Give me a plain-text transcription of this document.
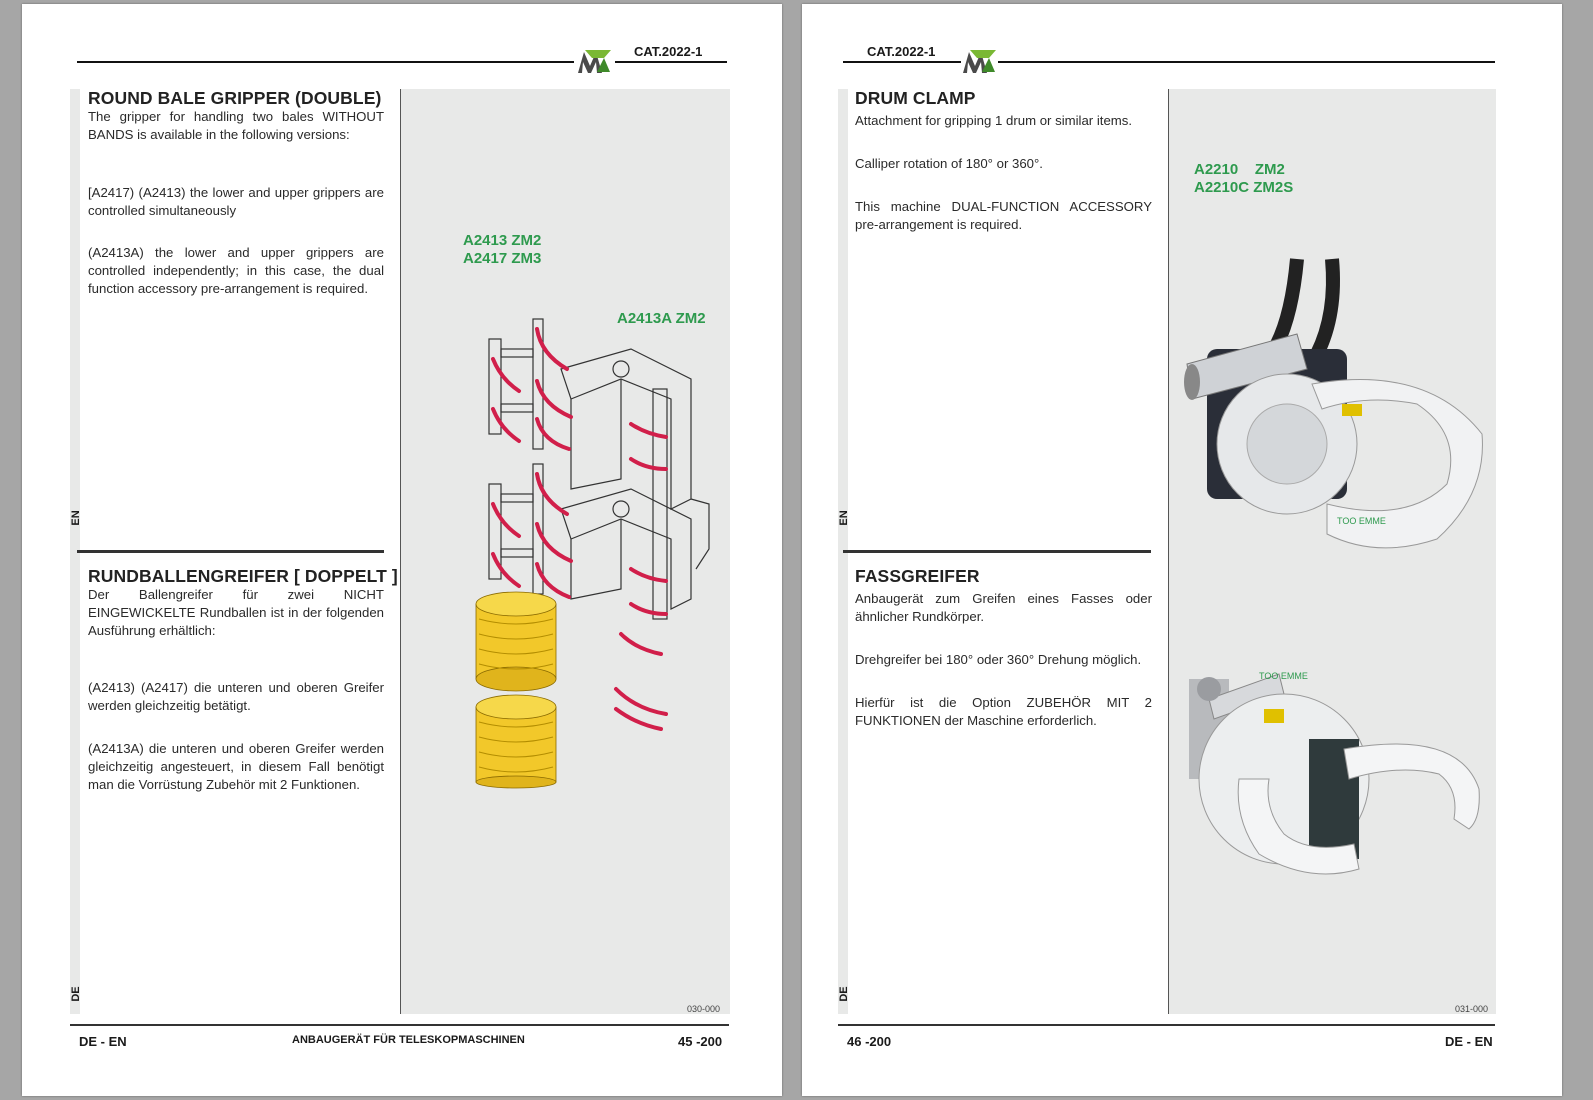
CAT.2022-1
EN
DE
ROUND BALE GRIPPER (DOUBLE)

The gripper for handling two bales WITHOUT BANDS is available in the following versions:

[A2417) (A2413) the lower and upper grippers are controlled simultaneously

(A2413A) the lower and upper grippers are controlled independently; in this case, the dual function accessory pre-arrangement is required.

RUNDBALLENGREIFER [ DOPPELT ]

Der Ballengreifer für zwei NICHT EINGEWICKELTE Rundballen ist in der folgenden Ausführung erhältlich:

(A2413) (A2417) die unteren und oberen Greifer werden gleichzeitig betätigt.

(A2413A) die unteren und oberen Greifer werden gleichzeitig angesteuert, in diesem Fall benötigt man die Vorrüstung Zubehör mit 2 Funktionen.

A2413 ZM2
A2417 ZM3
A2413A ZM2
030-000
DE - EN	ANBAUGERÄT FÜR TELESKOPMASCHINEN	45 -200
CAT.2022-1
EN
DE
DRUM CLAMP

Attachment for gripping 1 drum or similar items.

Calliper rotation of 180° or 360°.

This machine DUAL-FUNCTION ACCESSORY pre-arrangement is required.

FASSGREIFER

Anbaugerät zum Greifen eines Fasses oder ähnlicher Rundkörper.

Drehgreifer bei 180° oder 360° Drehung möglich.

Hierfür ist die Option ZUBEHÖR MIT 2 FUNKTIONEN der Maschine erforderlich.

A2210    ZM2
A2210C ZM2S
TOO EMME
TOO EMME
031-000
46 -200	DE - EN
